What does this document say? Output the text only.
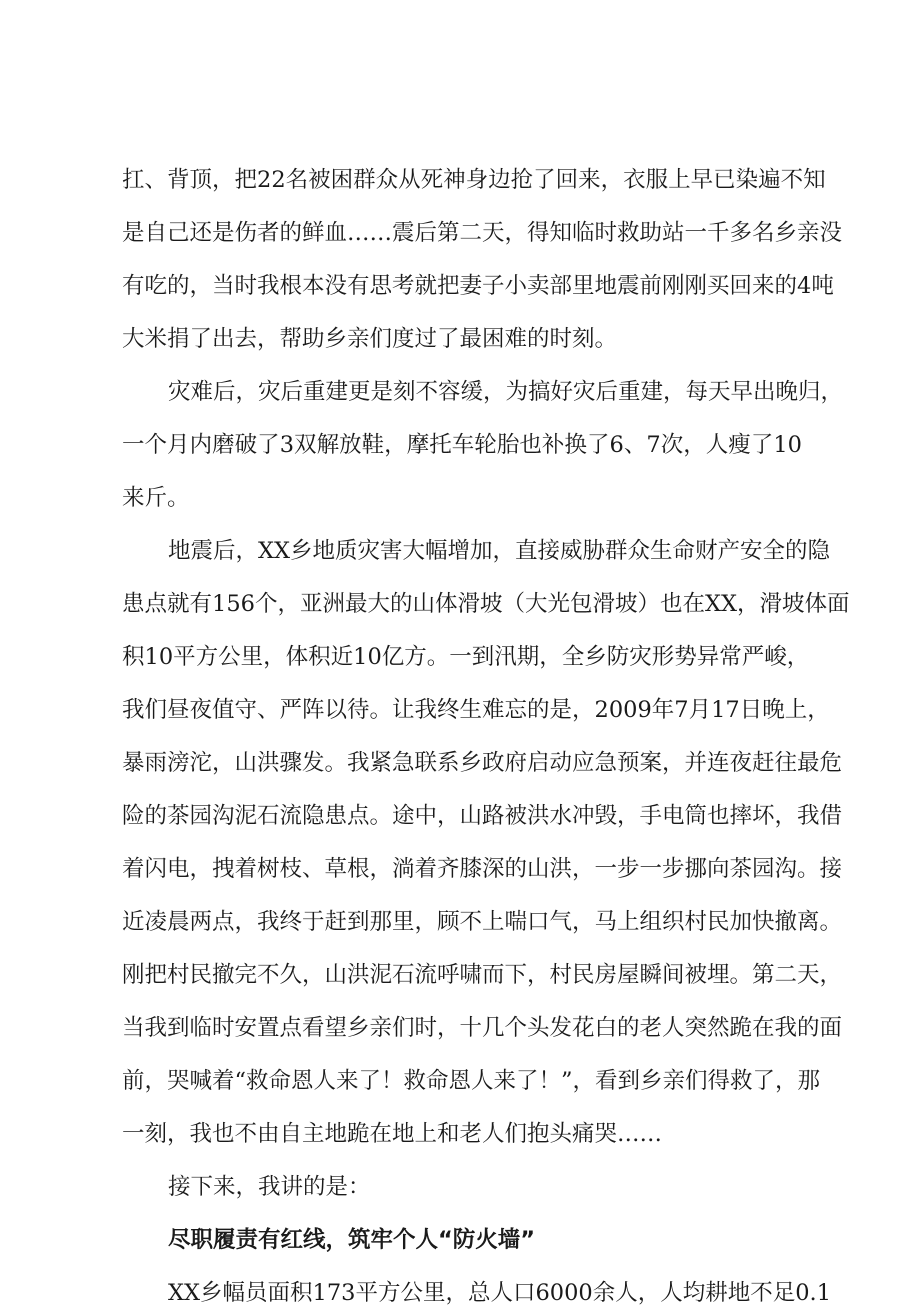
扛、背顶，把22名被困群众从死神身边抢了回来，衣服上早已染遍不知
是自己还是伤者的鲜血……震后第二天，得知临时救助站一千多名乡亲没
有吃的，当时我根本没有思考就把妻子小卖部里地震前刚刚买回来的4吨
大米捐了出去，帮助乡亲们度过了最困难的时刻。
灾难后，灾后重建更是刻不容缓，为搞好灾后重建，每天早出晚归，
一个月内磨破了3双解放鞋，摩托车轮胎也补换了6、7次，人瘦了10
来斤。
地震后，XX乡地质灾害大幅增加，直接威胁群众生命财产安全的隐
患点就有156个，亚洲最大的山体滑坡（大光包滑坡）也在XX，滑坡体面
积10平方公里，体积近10亿方。一到汛期，全乡防灾形势异常严峻，
我们昼夜值守、严阵以待。让我终生难忘的是，2009年7月17日晚上，
暴雨滂沱，山洪骤发。我紧急联系乡政府启动应急预案，并连夜赶往最危
险的茶园沟泥石流隐患点。途中，山路被洪水冲毁，手电筒也摔坏，我借
着闪电，拽着树枝、草根，淌着齐膝深的山洪，一步一步挪向茶园沟。接
近凌晨两点，我终于赶到那里，顾不上喘口气，马上组织村民加快撤离。
刚把村民撤完不久，山洪泥石流呼啸而下，村民房屋瞬间被埋。第二天，
当我到临时安置点看望乡亲们时，十几个头发花白的老人突然跪在我的面
前，哭喊着“救命恩人来了！救命恩人来了！”，看到乡亲们得救了，那
一刻，我也不由自主地跪在地上和老人们抱头痛哭……
接下来，我讲的是：
尽职履责有红线，筑牢个人“防火墙”
XX乡幅员面积173平方公里，总人口6000余人，人均耕地不足0.1
